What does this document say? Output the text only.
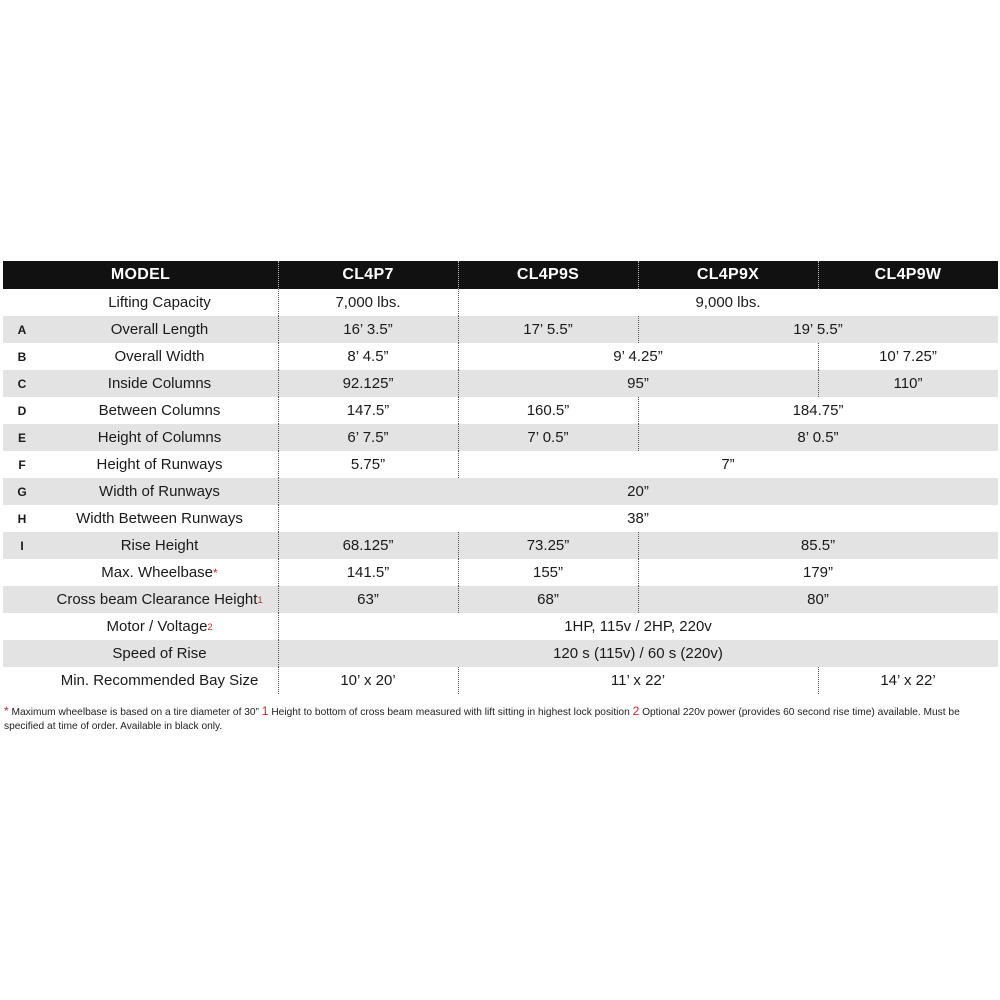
MODEL	CL4P7	CL4P9S	CL4P9X	CL4P9W
Lifting Capacity	7,000 lbs.	9,000 lbs.
A	Overall Length	16’ 3.5”	17’ 5.5”	19’ 5.5”
B	Overall Width	8’ 4.5”	9’ 4.25”	10’ 7.25”
C	Inside Columns	92.125”	95”	110”
D	Between Columns	147.5”	160.5”	184.75”
E	Height of Columns	6’ 7.5”	7’ 0.5”	8’ 0.5”
F	Height of Runways	5.75”	7”
G	Width of Runways	20”
H	Width Between Runways	38”
I	Rise Height	68.125”	73.25”	85.5”
Max. Wheelbase *	141.5”	155”	179”
Cross beam Clearance Height 1	63”	68”	80”
Motor / Voltage 2	1HP, 115v / 2HP, 220v
Speed of Rise	120 s (115v) / 60 s (220v)
Min. Recommended Bay Size	10’ x 20’	11’ x 22’	14’ x 22’
* Maximum wheelbase is based on a tire diameter of 30” 1 Height to bottom of cross beam measured with lift sitting in highest lock position 2 Optional 220v power (provides 60 second rise time) available. Must be specified at time of order. Available in black only.
